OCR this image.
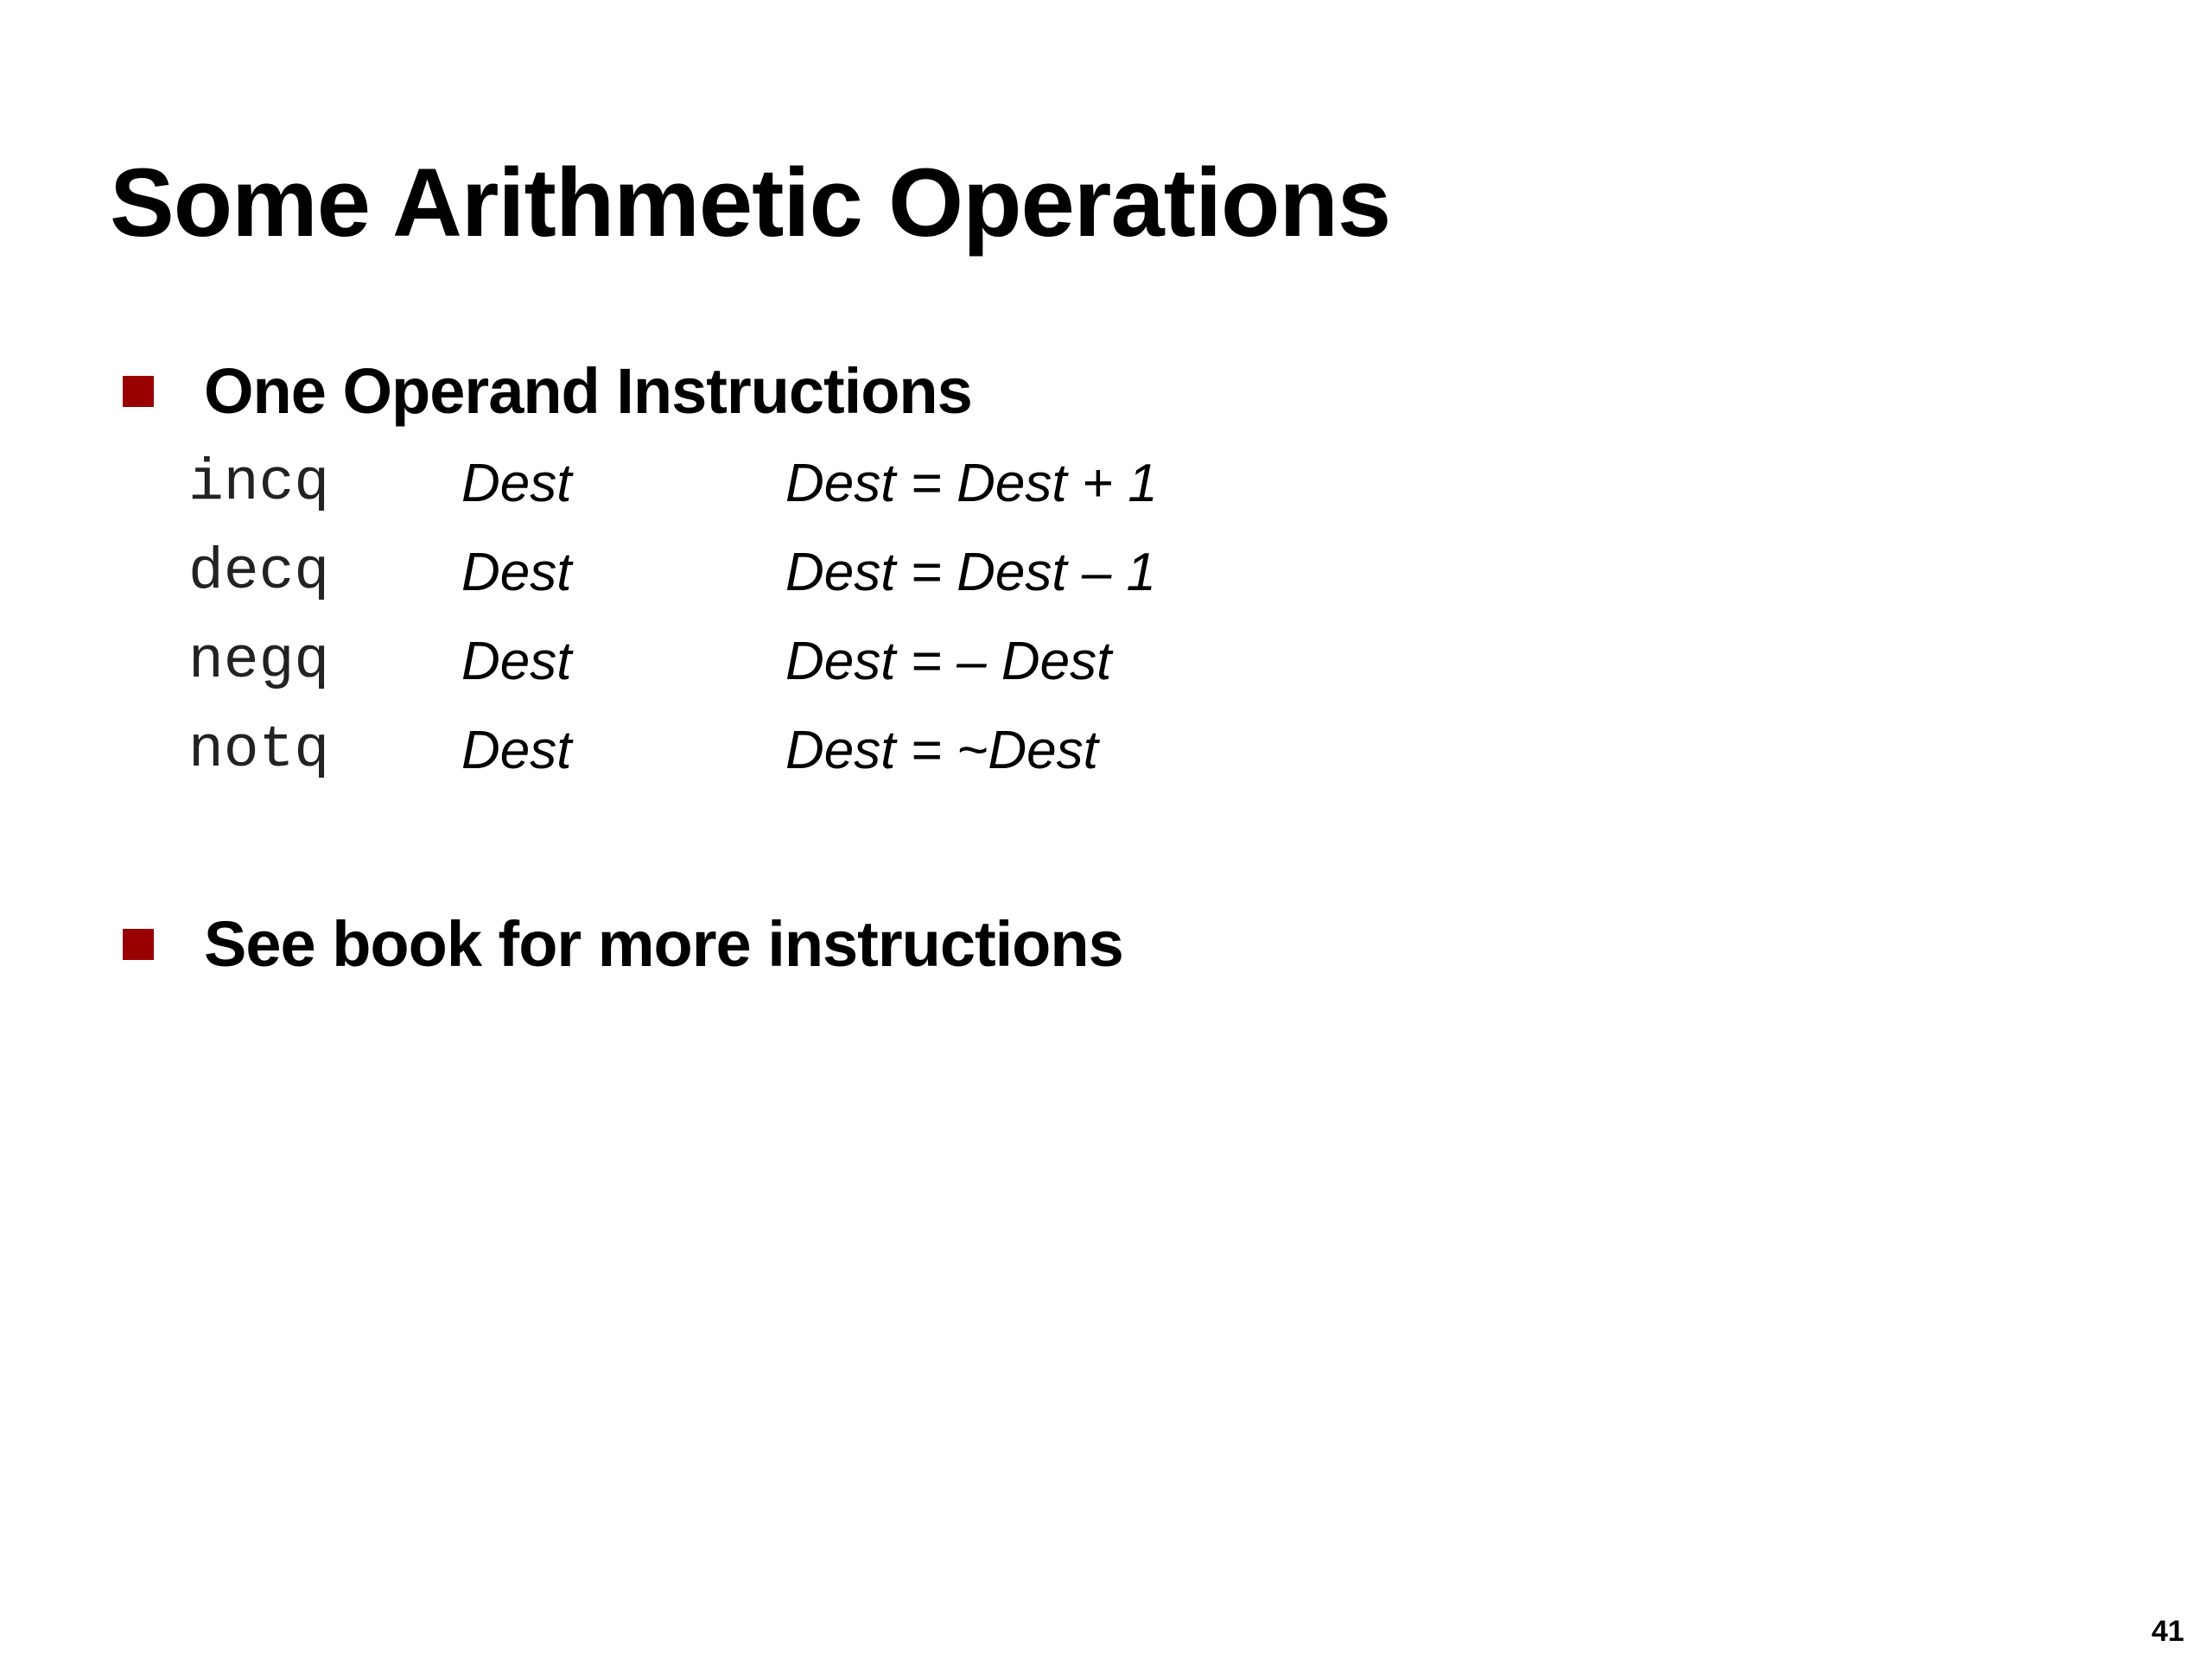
Some Arithmetic Operations
One Operand Instructions
incq Dest	Dest = Dest + 1
decq Dest	Dest = Dest – 1
negq Dest	Dest = – Dest
notq Dest	Dest = ~Dest
See book for more instructions
41
